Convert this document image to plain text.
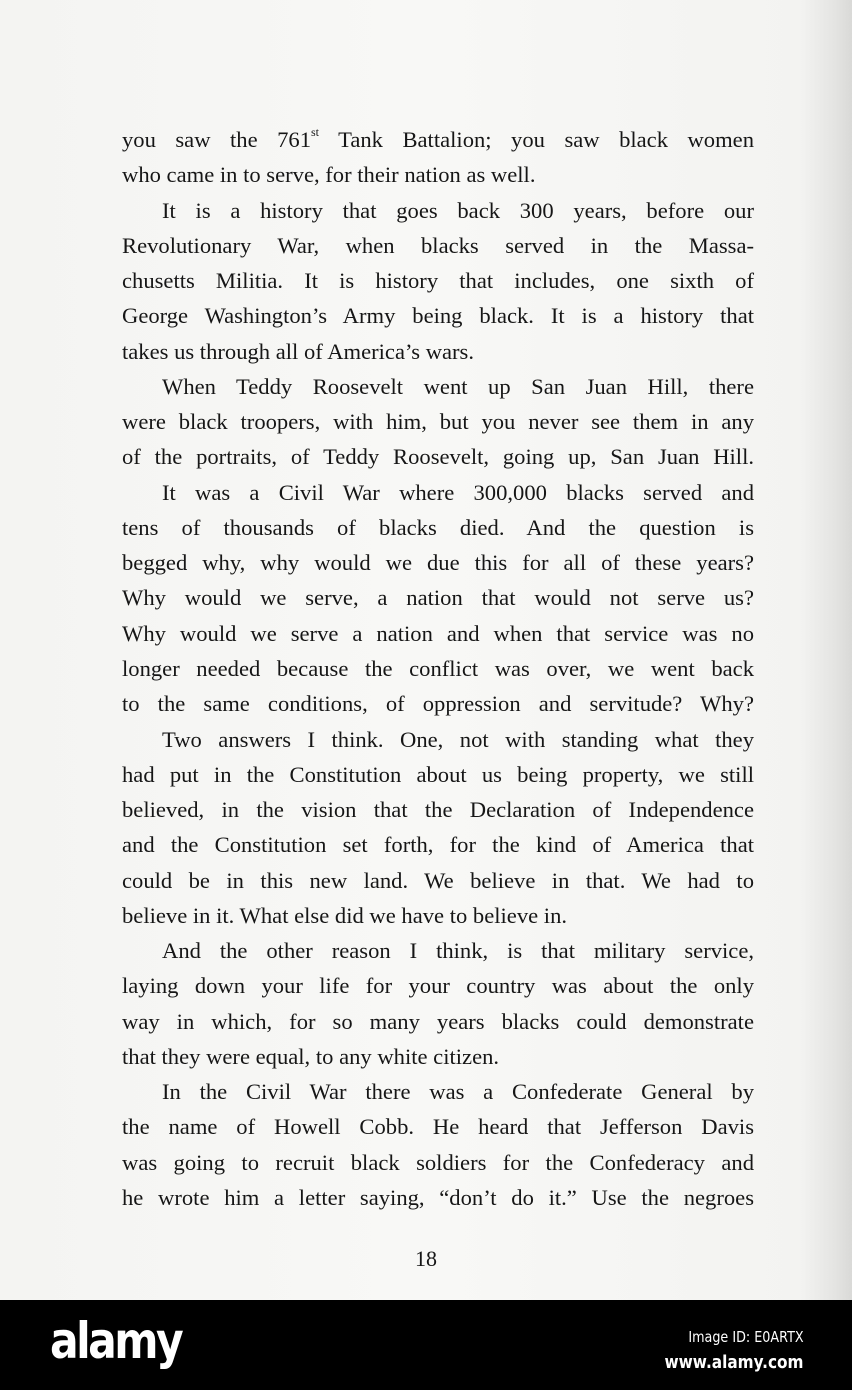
you saw the 761st Tank Battalion; you saw black women
who came in to serve, for their nation as well.
It is a history that goes back 300 years, before our
Revolutionary War, when blacks served in the Massa-
chusetts Militia. It is history that includes, one sixth of
George Washington’s Army being black. It is a history that
takes us through all of America’s wars.
When Teddy Roosevelt went up San Juan Hill, there
were black troopers, with him, but you never see them in any
of the portraits, of Teddy Roosevelt, going up, San Juan Hill.
It was a Civil War where 300,000 blacks served and
tens of thousands of blacks died. And the question is
begged why, why would we due this for all of these years?
Why would we serve, a nation that would not serve us?
Why would we serve a nation and when that service was no
longer needed because the conflict was over, we went back
to the same conditions, of oppression and servitude? Why?
Two answers I think. One, not with standing what they
had put in the Constitution about us being property, we still
believed, in the vision that the Declaration of Independence
and the Constitution set forth, for the kind of America that
could be in this new land. We believe in that. We had to
believe in it. What else did we have to believe in.
And the other reason I think, is that military service,
laying down your life for your country was about the only
way in which, for so many years blacks could demonstrate
that they were equal, to any white citizen.
In the Civil War there was a Confederate General by
the name of Howell Cobb. He heard that Jefferson Davis
was going to recruit black soldiers for the Confederacy and
he wrote him a letter saying, “don’t do it.” Use the negroes
18
alamy	Image ID: E0ARTX
www.alamy.com
